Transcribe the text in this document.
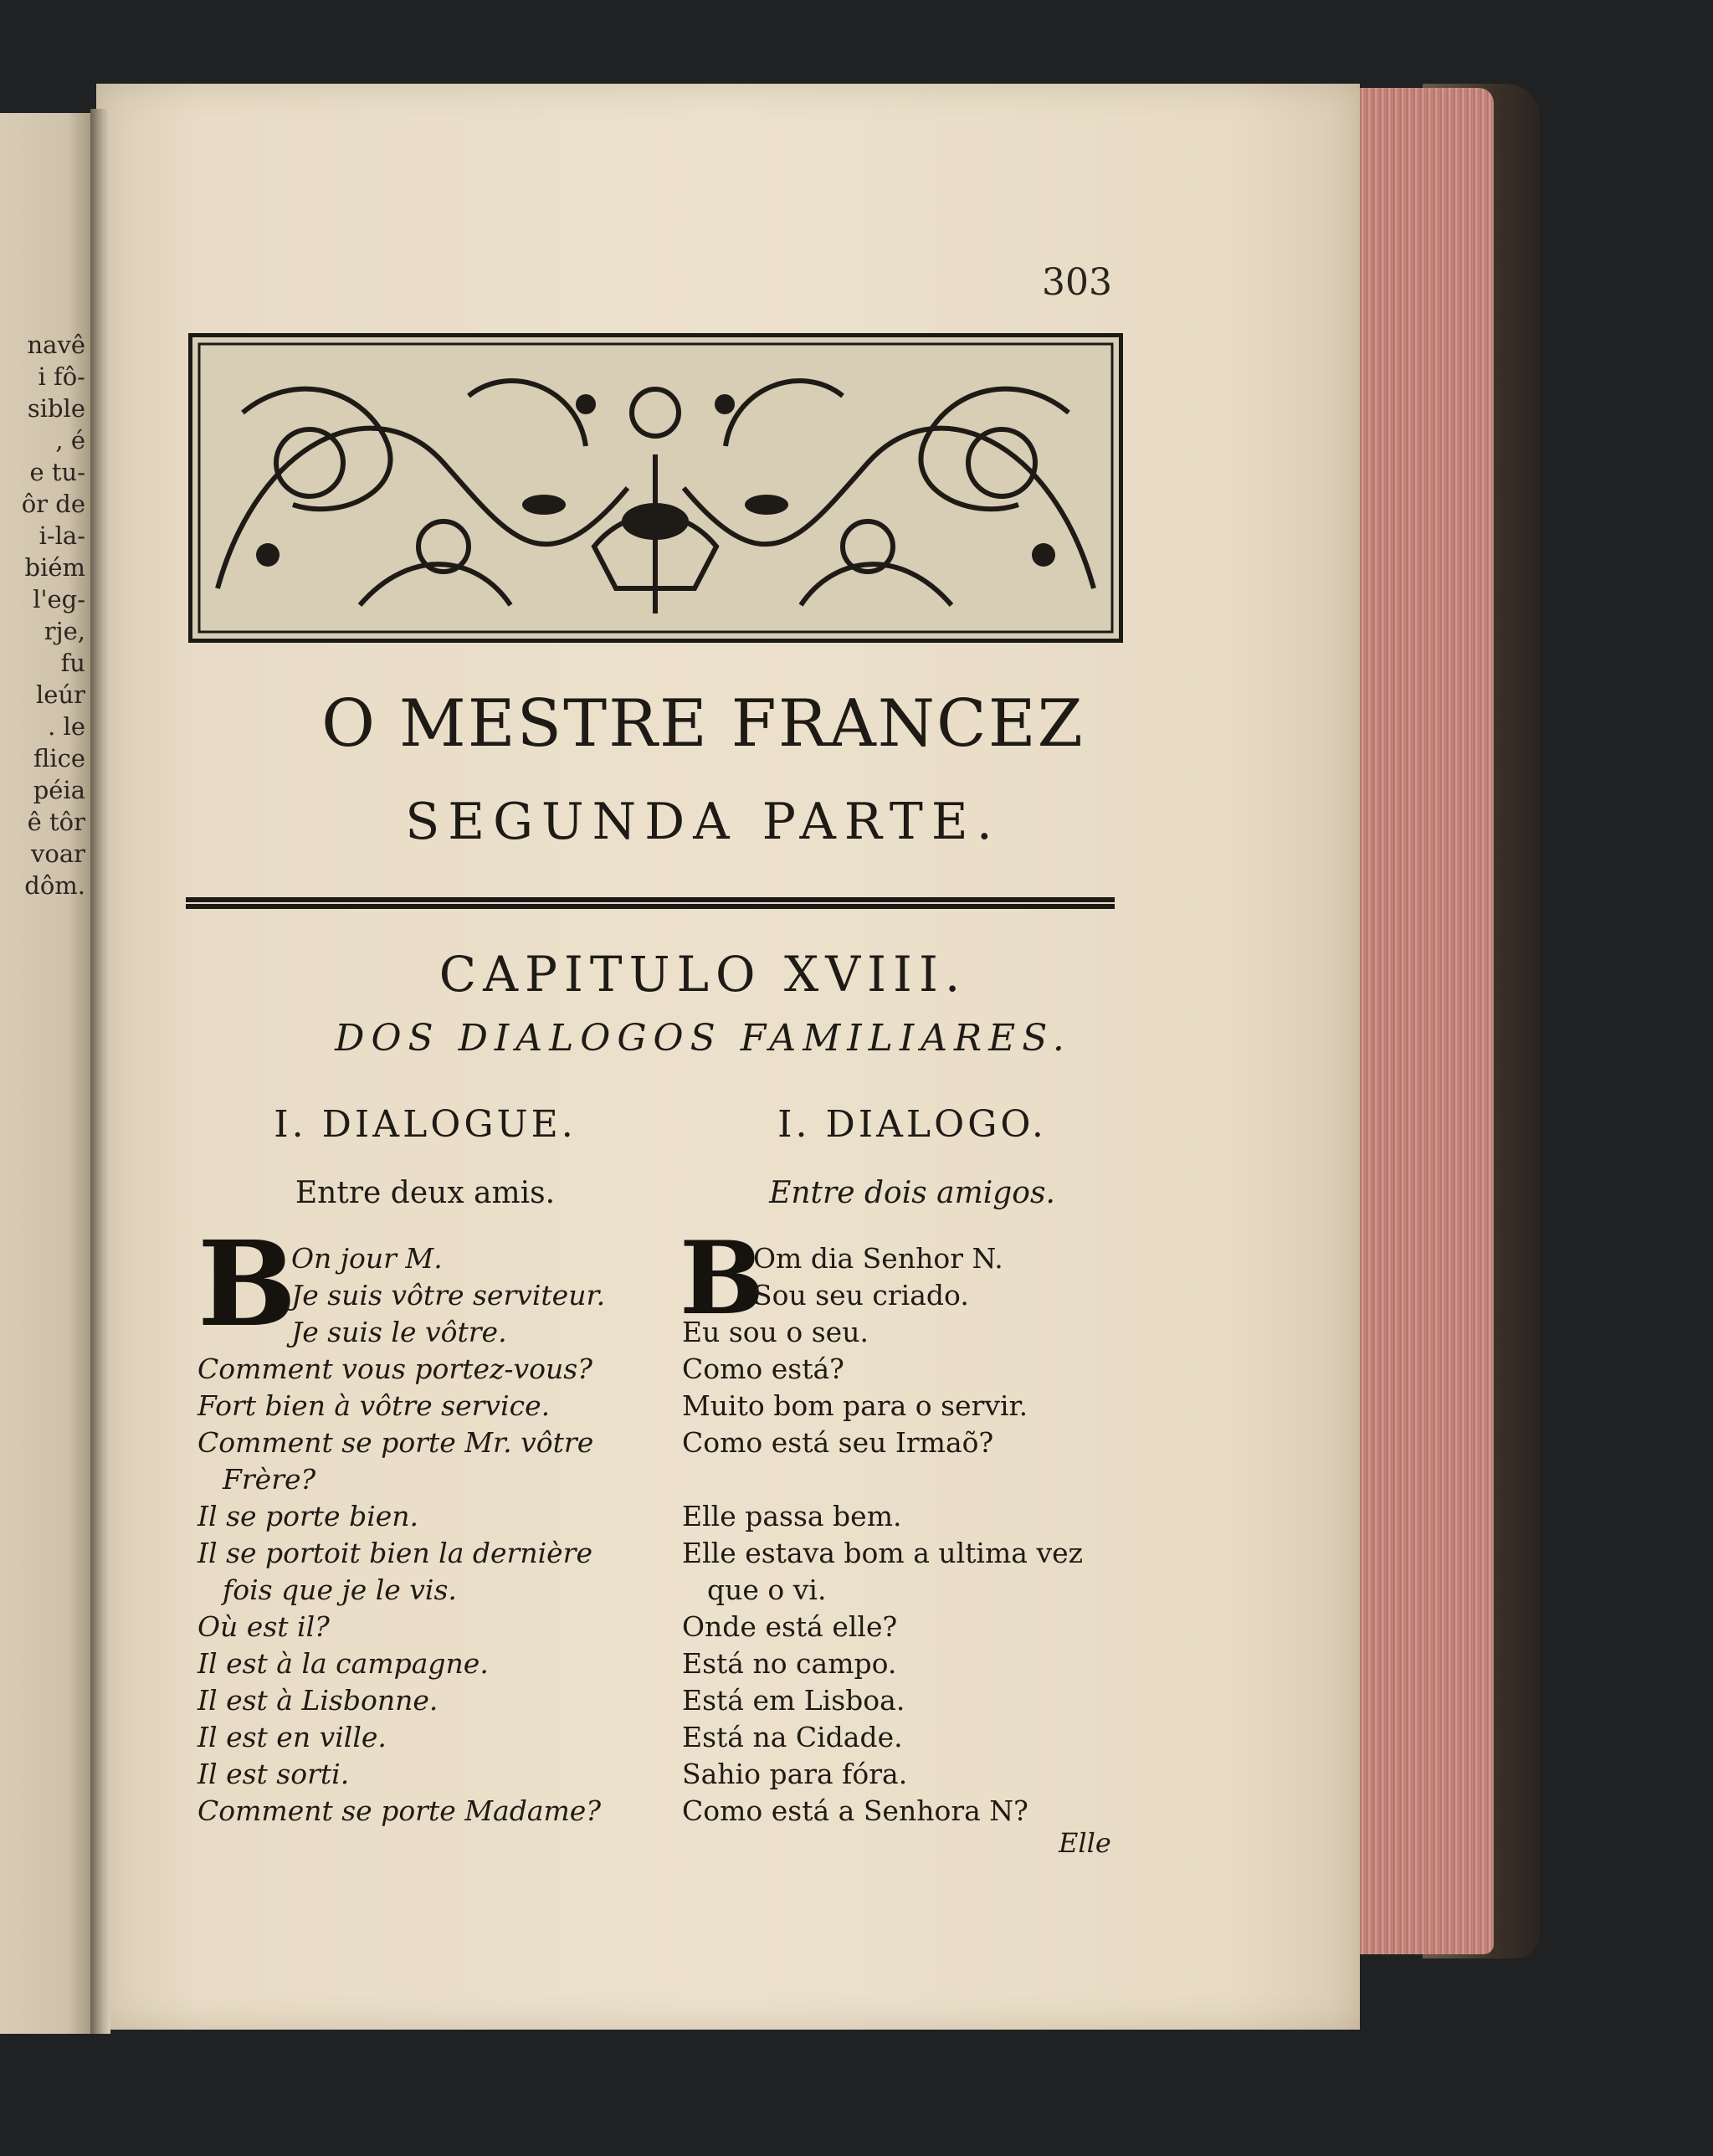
navê
i fô-
sible
, é
e tu-
ôr de
i-la-
biém
l'eg-
rje,
fu
leúr
. le
flice
péia
ê tôr
voar
dôm.
303
O MESTRE FRANCEZ
SEGUNDA PARTE.
CAPITULO XVIII.
DOS DIALOGOS FAMILIARES.
I. DIALOGUE.	I. DIALOGO.
Entre deux amis.	Entre dois amigos.
B	B
On jour M.
Je suis vôtre serviteur.
Je suis le vôtre.
Comment vous portez-vous?
Fort bien à vôtre service.
Comment se porte Mr. vôtre
Frère?
Il se porte bien.
Il se portoit bien la dernière
fois que je le vis.
Où est il?
Il est à la campagne.
Il est à Lisbonne.
Il est en ville.
Il est sorti.
Comment se porte Madame?
Om dia Senhor N.
Sou seu criado.
Eu sou o seu.
Como está?
Muito bom para o servir.
Como está seu Irmaõ?
Elle passa bem.
Elle estava bom a ultima vez
que o vi.
Onde está elle?
Está no campo.
Está em Lisboa.
Está na Cidade.
Sahio para fóra.
Como está a Senhora N?
Elle
